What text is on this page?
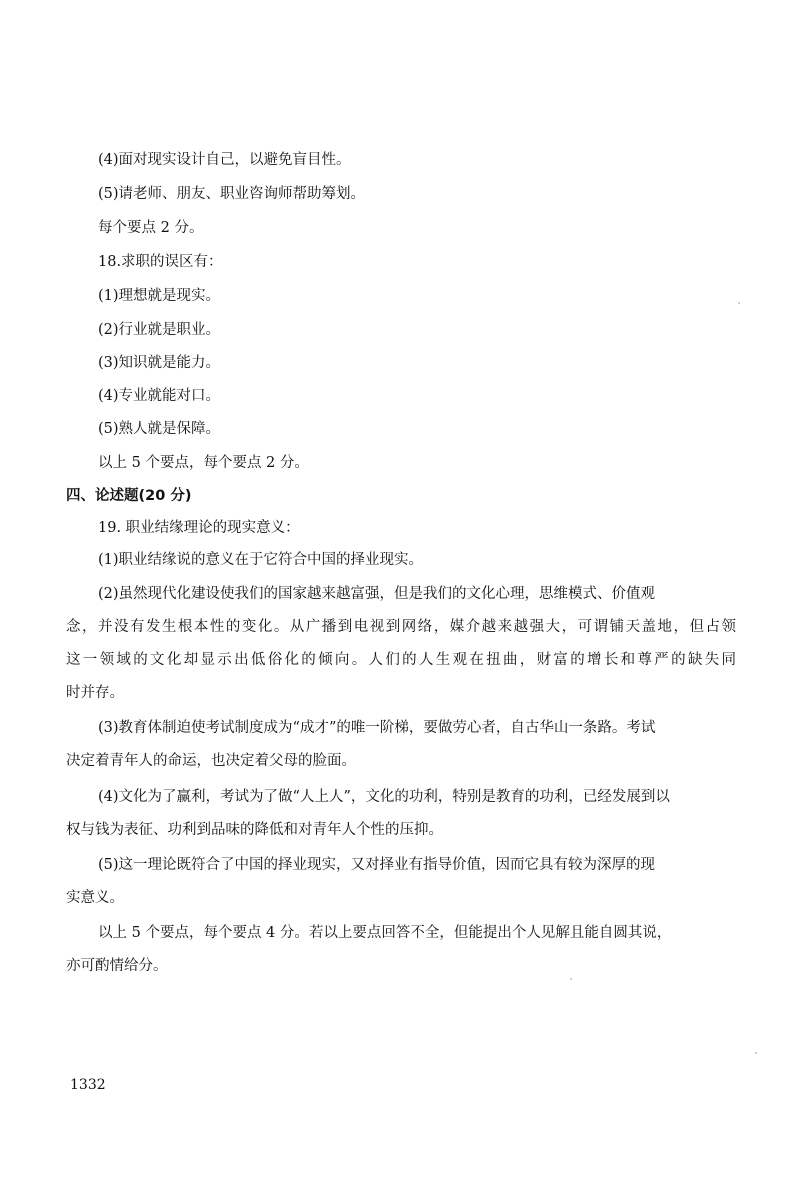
(4)面对现实设计自己，以避免盲目性。
(5)请老师、朋友、职业咨询师帮助筹划。
每个要点 2 分。
18.求职的误区有：
(1)理想就是现实。
(2)行业就是职业。
(3)知识就是能力。
(4)专业就能对口。
(5)熟人就是保障。
以上 5 个要点，每个要点 2 分。
四、论述题(20 分)
19. 职业结缘理论的现实意义：
(1)职业结缘说的意义在于它符合中国的择业现实。
(2)虽然现代化建设使我们的国家越来越富强，但是我们的文化心理，思维模式、价值观
念，并没有发生根本性的变化。从广播到电视到网络，媒介越来越强大，可谓铺天盖地，但占领
这一领域的文化却显示出低俗化的倾向。人们的人生观在扭曲，财富的增长和尊严的缺失同
时并存。
(3)教育体制迫使考试制度成为“成才”的唯一阶梯，要做劳心者，自古华山一条路。考试
决定着青年人的命运，也决定着父母的脸面。
(4)文化为了赢利，考试为了做“人上人”，文化的功利，特别是教育的功利，已经发展到以
权与钱为表征、功利到品味的降低和对青年人个性的压抑。
(5)这一理论既符合了中国的择业现实，又对择业有指导价值，因而它具有较为深厚的现
实意义。
以上 5 个要点，每个要点 4 分。若以上要点回答不全，但能提出个人见解且能自圆其说，
亦可酌情给分。
1332
